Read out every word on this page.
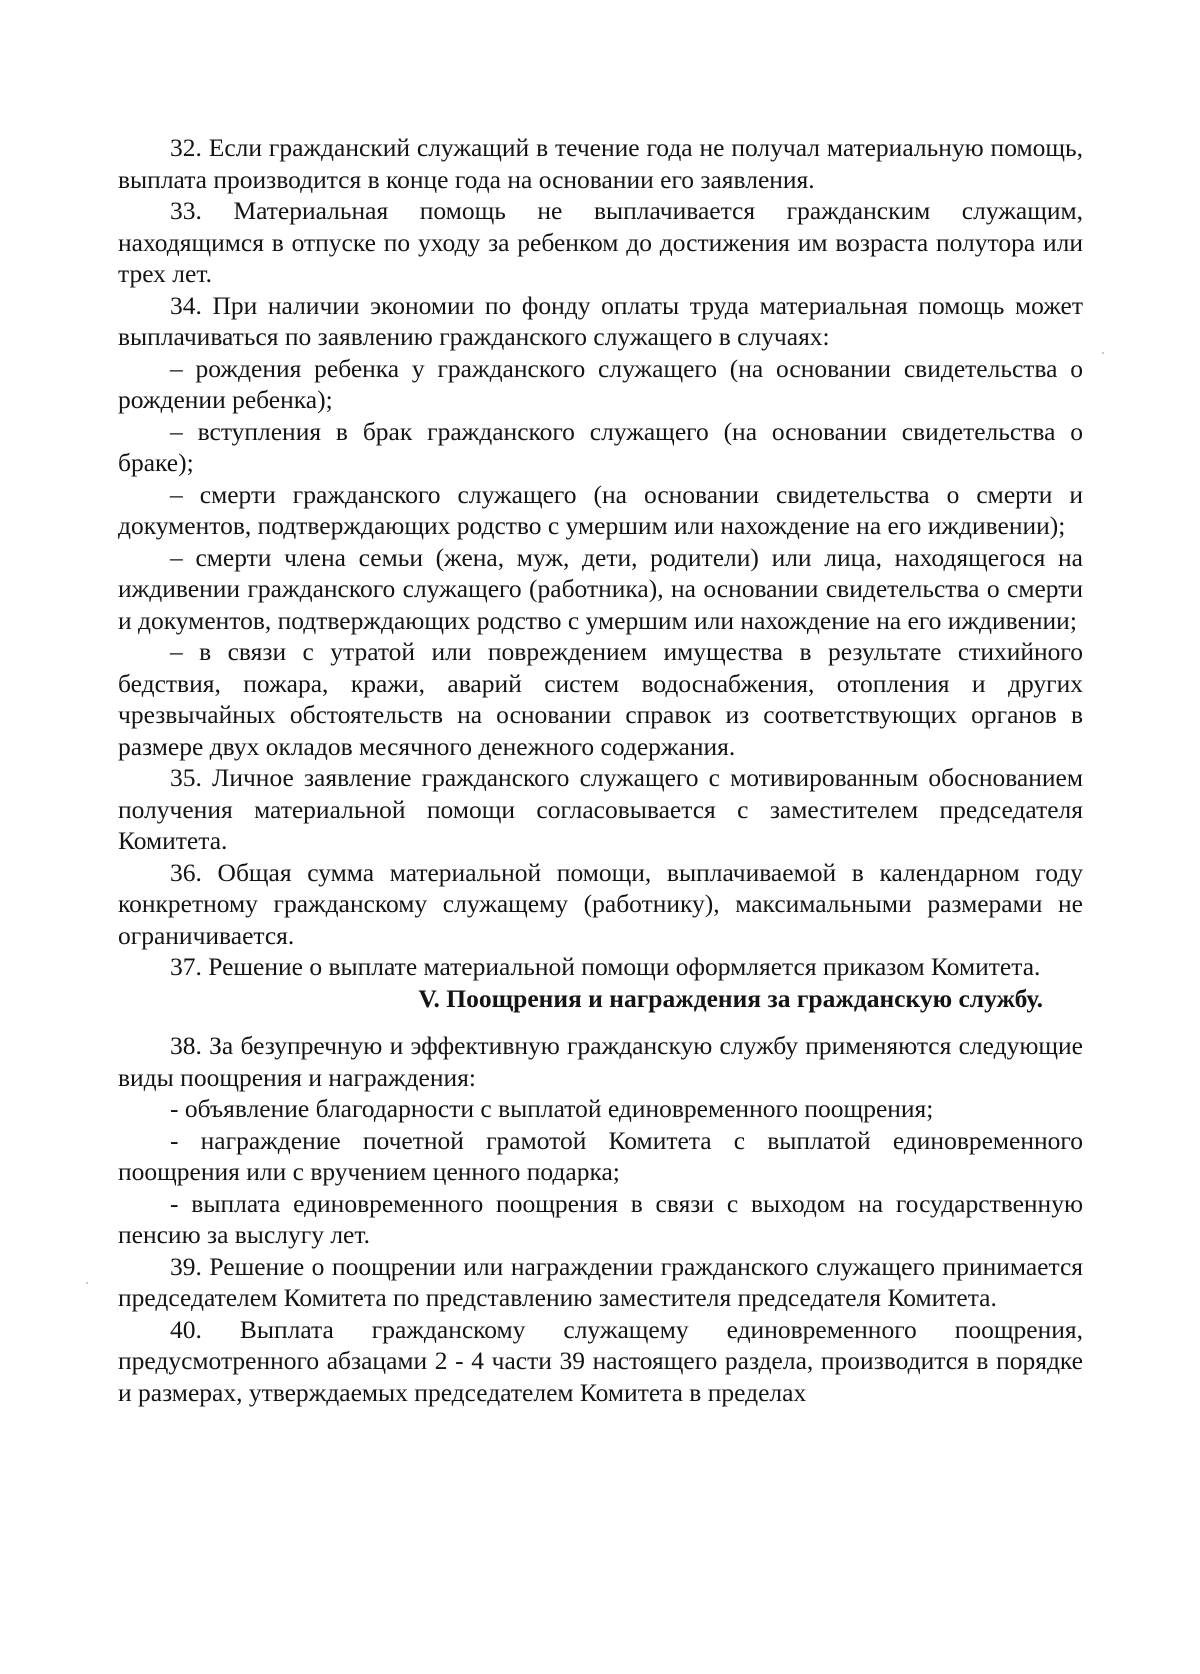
32. Если гражданский служащий в течение года не получал материальную помощь, выплата производится в конце года на основании его заявления.

33. Материальная помощь не выплачивается гражданским служащим, находящимся в отпуске по уходу за ребенком до достижения им возраста полутора или трех лет.

34. При наличии экономии по фонду оплаты труда материальная помощь может выплачиваться по заявлению гражданского служащего в случаях:

– рождения ребенка у гражданского служащего (на основании свидетельства о рождении ребенка);

– вступления в брак гражданского служащего (на основании свидетельства о браке);

– смерти гражданского служащего (на основании свидетельства о смерти и документов, подтверждающих родство с умершим или нахождение на его иждивении);

– смерти члена семьи (жена, муж, дети, родители) или лица, находящегося на иждивении гражданского служащего (работника), на основании свидетельства о смерти и документов, подтверждающих родство с умершим или нахождение на его иждивении;

– в связи с утратой или повреждением имущества в результате стихийного бедствия, пожара, кражи, аварий систем водоснабжения, отопления и других чрезвычайных обстоятельств на основании справок из соответствующих органов в размере двух окладов месячного денежного содержания.

35. Личное заявление гражданского служащего с мотивированным обоснованием получения материальной помощи согласовывается с заместителем председателя Комитета.

36. Общая сумма материальной помощи, выплачиваемой в календарном году конкретному гражданскому служащему (работнику), максимальными размерами не ограничивается.

37. Решение о выплате материальной помощи оформляется приказом Комитета.

V. Поощрения и награждения за гражданскую службу.

38. За безупречную и эффективную гражданскую службу применяются следующие виды поощрения и награждения:

- объявление благодарности с выплатой единовременного поощрения;

- награждение почетной грамотой Комитета с выплатой единовременного поощрения или с вручением ценного подарка;

- выплата единовременного поощрения в связи с выходом на государственную пенсию за выслугу лет.

39. Решение о поощрении или награждении гражданского служащего принимается председателем Комитета по представлению заместителя председателя Комитета.

40. Выплата гражданскому служащему единовременного поощрения, предусмотренного абзацами 2 - 4 части 39 настоящего раздела, производится в порядке и размерах, утверждаемых председателем Комитета в пределах
